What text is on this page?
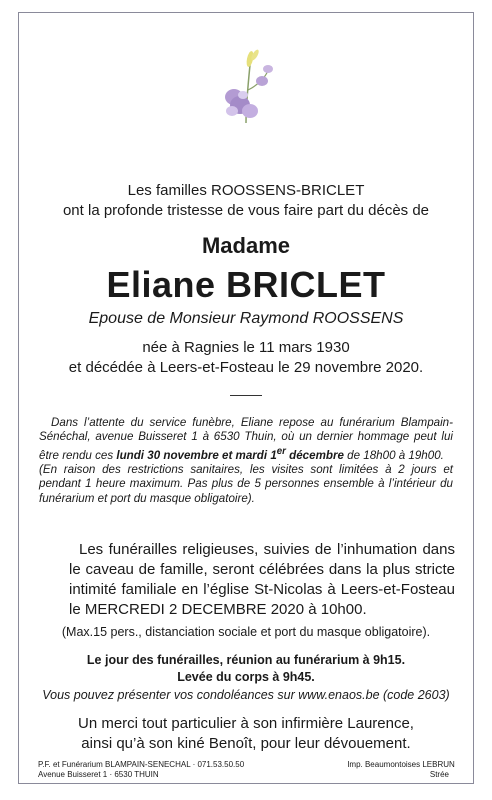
Les familles ROOSSENS-BRICLET
ont la profonde tristesse de vous faire part du décès de
Madame
Eliane BRICLET
Epouse de Monsieur Raymond ROOSSENS
née à Ragnies le 11 mars 1930
et décédée à Leers-et-Fosteau le 29 novembre 2020.

Dans l’attente du service funèbre, Eliane repose au funérarium Blampain-Sénéchal, avenue Buisseret 1 à 6530 Thuin, où un dernier hommage peut lui être rendu ces lundi 30 novembre et mardi 1er décembre de 18h00 à 19h00.

(En raison des restrictions sanitaires, les visites sont limitées à 2 jours et pendant 1 heure maximum. Pas plus de 5 personnes ensemble à l’intérieur du funérarium et port du masque obligatoire).

Les funérailles religieuses, suivies de l’inhumation dans le caveau de famille, seront célébrées dans la plus stricte intimité familiale en l’église St-Nicolas à Leers-et-Fosteau le MERCREDI 2 DECEMBRE 2020 à 10h00.

(Max.15 pers., distanciation sociale et port du masque obligatoire).
Le jour des funérailles, réunion au funérarium à 9h15.
Levée du corps à 9h45.
Vous pouvez présenter vos condoléances sur www.enaos.be (code 2603)
Un merci tout particulier à son infirmière Laurence,
ainsi qu’à son kiné Benoît, pour leur dévouement.
P.F. et Funérarium BLAMPAIN-SENECHAL · 071.53.50.50
Avenue Buisseret 1 · 6530 THUIN
Imp. Beaumontoises LEBRUN
Strée
